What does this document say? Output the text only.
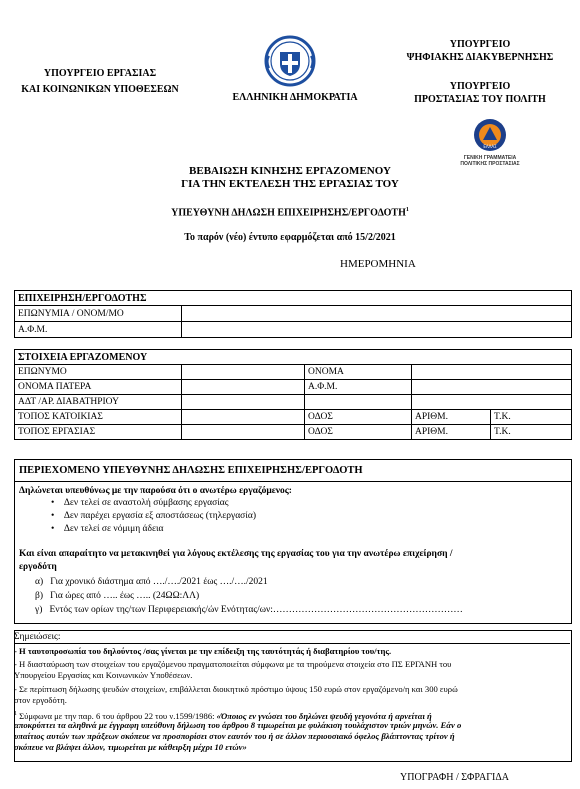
ΥΠΟΥΡΓΕΙΟ ΕΡΓΑΣΙΑΣ
ΚΑΙ ΚΟΙΝΩΝΙΚΩΝ ΥΠΟΘΕΣΕΩΝ
ΕΛΛΗΝΙΚΗ ΔΗΜΟΚΡΑΤΙΑ
ΥΠΟΥΡΓΕΙΟ
ΨΗΦΙΑΚΗΣ ΔΙΑΚΥΒΕΡΝΗΣΗΣ
ΥΠΟΥΡΓΕΙΟ
ΠΡΟΣΤΑΣΙΑΣ ΤΟΥ ΠΟΛΙΤΗ
ΕΛΛΑΣ
ΓΕΝΙΚΗ ΓΡΑΜΜΑΤΕΙΑ
ΠΟΛΙΤΙΚΗΣ ΠΡΟΣΤΑΣΙΑΣ
ΒΕΒΑΙΩΣΗ ΚΙΝΗΣΗΣ ΕΡΓΑΖΟΜΕΝΟΥ
ΓΙΑ ΤΗΝ ΕΚΤΕΛΕΣΗ ΤΗΣ ΕΡΓΑΣΙΑΣ ΤΟΥ
ΥΠΕΥΘΥΝΗ ΔΗΛΩΣΗ ΕΠΙΧΕΙΡΗΣΗΣ/ΕΡΓΟΔΟΤΗ$^1$
Το παρόν (νέο) έντυπο εφαρμόζεται από 15/2/2021
ΗΜΕΡΟΜΗΝΙΑ
ΕΠΙΧΕΙΡΗΣΗ/ΕΡΓΟΔΟΤΗΣ	
ΕΠΩΝΥΜΙΑ / ΟΝΟΜ/ΜΟ	
Α.Φ.Μ.	
ΣΤΟΙΧΕΙΑ ΕΡΓΑΖΟΜΕΝΟΥ				
ΕΠΩΝΥΜΟ		ΟΝΟΜΑ		
ΟΝΟΜΑ ΠΑΤΕΡΑ		Α.Φ.Μ.		
ΑΔΤ /ΑΡ. ΔΙΑΒΑΤΗΡΙΟΥ				
ΤΟΠΟΣ ΚΑΤΟΙΚΙΑΣ		ΟΔΟΣ	ΑΡΙΘΜ.	Τ.Κ.
ΤΟΠΟΣ ΕΡΓΑΣΙΑΣ		ΟΔΟΣ	ΑΡΙΘΜ.	Τ.Κ.
ΠΕΡΙΕΧΟΜΕΝΟ ΥΠΕΥΘΥΝΗΣ ΔΗΛΩΣΗΣ ΕΠΙΧΕΙΡΗΣΗΣ/ΕΡΓΟΔΟΤΗ
Δηλώνεται υπευθύνως με την παρούσα ότι ο ανωτέρω εργαζόμενος:
•    Δεν τελεί σε αναστολή σύμβασης εργασίας
•    Δεν παρέχει εργασία εξ αποστάσεως (τηλεργασία)
•    Δεν τελεί σε νόμιμη άδεια
Και είναι απαραίτητο να μετακινηθεί για λόγους εκτέλεσης της εργασίας του για την ανωτέρω επιχείρηση /
εργοδότη
α) Για χρονικό διάστημα από …./…./2021 έως …./…./2021
β) Για ώρες από ….. έως ….. (24ΩΩ:ΛΛ)
γ) Εντός των ορίων της/των Περιφερειακής/ών Ενότητας/ων:……………………………………………………
Σημειώσεις:
- Η ταυτοπροσωπία του δηλούντος /σας γίνεται με την επίδειξη της ταυτότητάς ή διαβατηρίου του/της.
- Η διασταύρωση των στοιχείων του εργαζόμενου πραγματοποιείται σύμφωνα με τα τηρούμενα στοιχεία στο ΠΣ ΕΡΓΑΝΗ του
Υπουργείου Εργασίας και Κοινωνικών Υποθέσεων.
- Σε περίπτωση δήλωσης ψευδών στοιχείων, επιβάλλεται διοικητικό πρόστιμο ύψους 150 ευρώ στον εργαζόμενο/η και 300 ευρώ
στον εργοδότη.
$^1$ Σύμφωνα με την παρ. 6 του άρθρου 22 του ν.1599/1986: «Όποιος εν γνώσει του δηλώνει ψευδή γεγονότα ή αρνείται ή
αποκρύπτει τα αληθινά με έγγραφη υπεύθυνη δήλωση του άρθρου 8 τιμωρείται με φυλάκιση τουλάχιστον τριών μηνών. Εάν ο
υπαίτιος αυτών των πράξεων σκόπευε να προσπορίσει στον εαυτόν του ή σε άλλον περιουσιακό όφελος βλάπτοντας τρίτον ή
σκόπευε να βλάψει άλλον, τιμωρείται με κάθειρξη μέχρι 10 ετών»
ΥΠΟΓΡΑΦΗ / ΣΦΡΑΓΙΔΑ
